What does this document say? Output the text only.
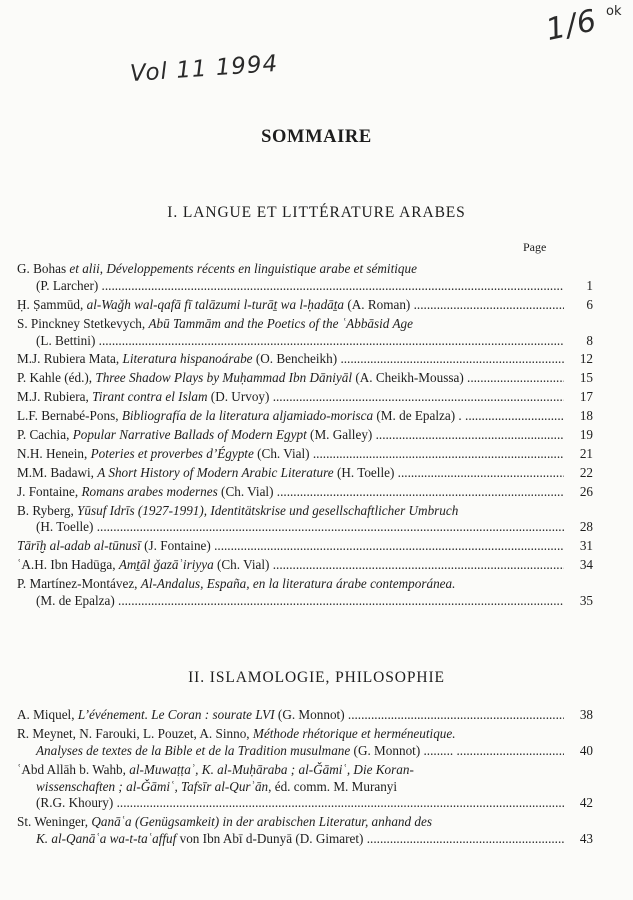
Vol 11 1994
1/6 ok
SOMMAIRE
I. LANGUE ET LITTÉRATURE ARABES
Page
G. Bohas et alii, Développements récents en linguistique arabe et sémitique
(P. Larcher)	1
.....
Ḥ. Ṣammūd, al-Waǧh wal-qafā fī talāzumi l-turāṯ wa l-ḥadāṯa (A. Roman)	6
.....
S. Pinckney Stetkevych, Abū Tammām and the Poetics of the ʿAbbāsid Age
(L. Bettini)	8
.....
M.J. Rubiera Mata, Literatura hispanoárabe (O. Bencheikh)	12
.....
P. Kahle (éd.), Three Shadow Plays by Muḥammad Ibn Dāniyāl (A. Cheikh-Moussa)	15
.....
M.J. Rubiera, Tirant contra el Islam (D. Urvoy)	17
.....
L.F. Bernabé-Pons, Bibliografía de la literatura aljamiado-morisca (M. de Epalza) .	18
.....
P. Cachia, Popular Narrative Ballads of Modern Egypt (M. Galley)	19
.....
N.H. Henein, Poteries et proverbes d’Égypte (Ch. Vial)	21
.....
M.M. Badawi, A Short History of Modern Arabic Literature (H. Toelle)	22
.....
J. Fontaine, Romans arabes modernes (Ch. Vial)	26
.....
B. Ryberg, Yūsuf Idrīs (1927-1991), Identitätskrise und gesellschaftlicher Umbruch
(H. Toelle)	28
.....
Tārīḫ al-adab al-tūnusī (J. Fontaine)	31
.....
ʿA.H. Ibn Hadūga, Amṯāl ǧazāʾiriyya (Ch. Vial)	34
.....
P. Martínez-Montávez, Al-Andalus, España, en la literatura árabe contemporánea.
(M. de Epalza)	35
.....
II. ISLAMOLOGIE, PHILOSOPHIE
A. Miquel, L’événement. Le Coran : sourate LVI (G. Monnot)	38
.....
R. Meynet, N. Farouki, L. Pouzet, A. Sinno, Méthode rhétorique et herméneutique.
Analyses de textes de la Bible et de la Tradition musulmane (G. Monnot) .........	40
.....
ʿAbd Allāh b. Wahb, al-Muwaṭṭaʾ, K. al-Muḥāraba ; al-Ǧāmiʿ, Die Koran-
wissenschaften ; al-Ǧāmiʿ, Tafsīr al-Qurʾān, éd. comm. M. Muranyi
(R.G. Khoury)	42
.....
St. Weninger, Qanāʿa (Genügsamkeit) in der arabischen Literatur, anhand des
K. al-Qanāʿa wa-t-taʿaffuf von Ibn Abī d-Dunyā (D. Gimaret)	43
.....
